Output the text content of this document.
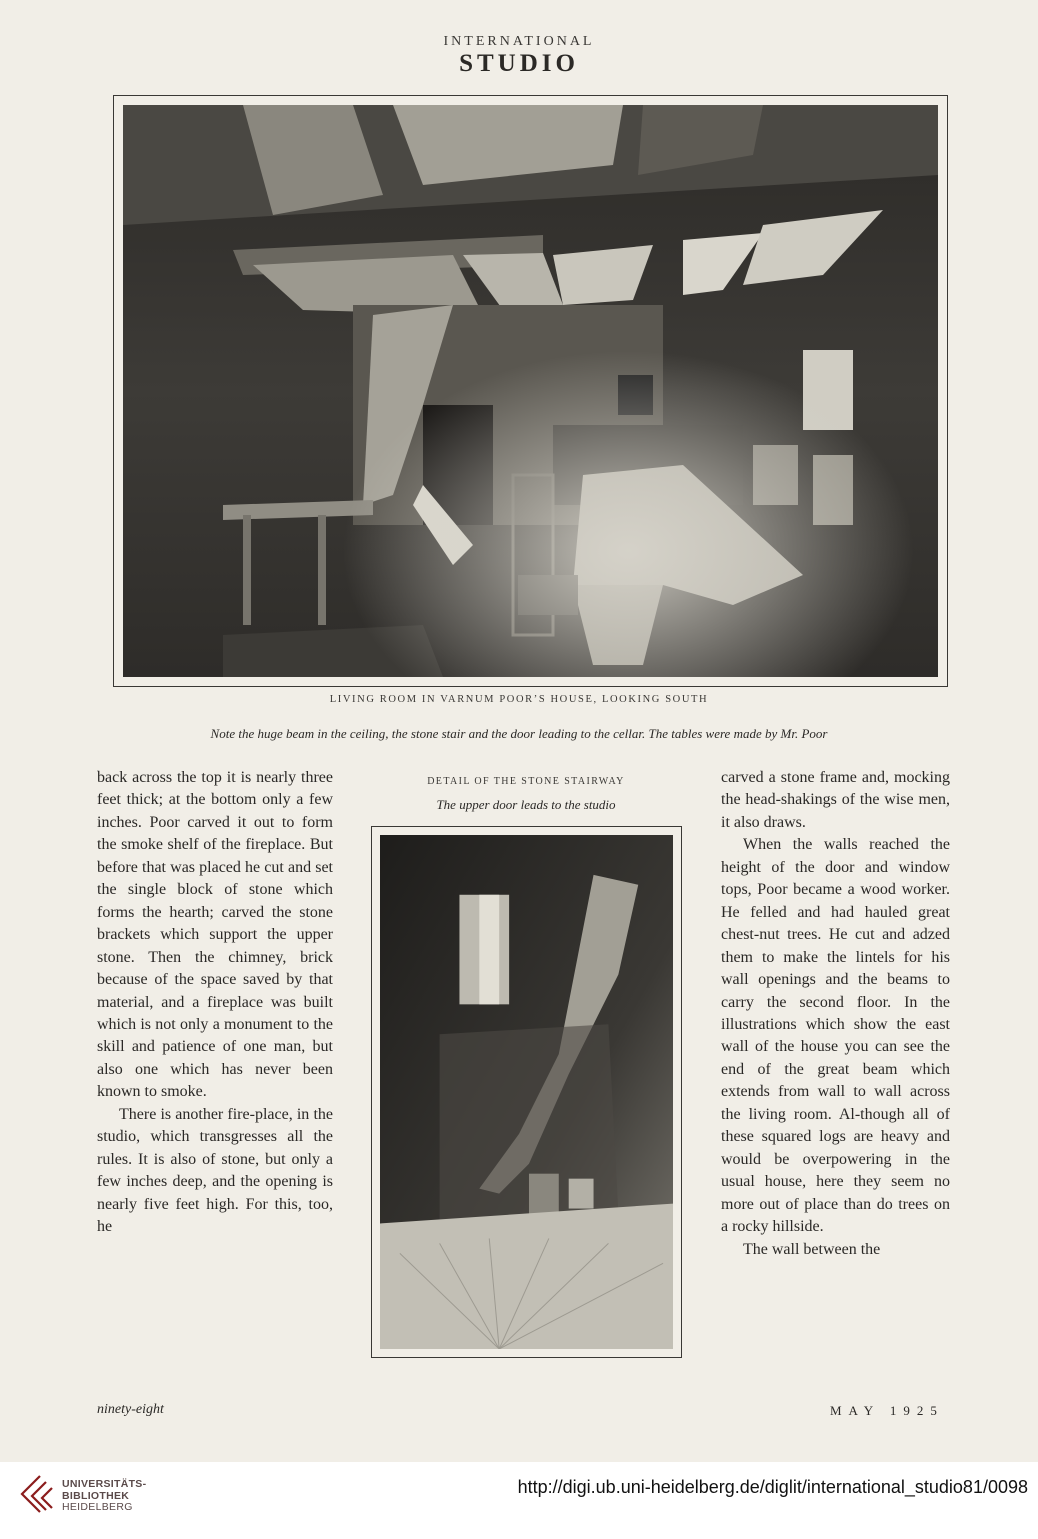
INTERNATIONAL
STUDIO
LIVING ROOM IN VARNUM POOR’S HOUSE, LOOKING SOUTH
Note the huge beam in the ceiling, the stone stair and the door leading to the cellar. The tables were made by Mr. Poor

back across the top it is nearly three feet thick; at the bottom only a few inches. Poor carved it out to form the smoke shelf of the fireplace. But before that was placed he cut and set the single block of stone which forms the hearth; carved the stone brackets which support the upper stone. Then the chimney, brick because of the space saved by that material, and a fireplace was built which is not only a monument to the skill and patience of one man, but also one which has never been known to smoke.

There is another fire-place, in the studio, which transgresses all the rules. It is also of stone, but only a few inches deep, and the opening is nearly five feet high. For this, too, he

DETAIL OF THE STONE STAIRWAY
The upper door leads to the studio

carved a stone frame and, mocking the head-shakings of the wise men, it also draws.

When the walls reached the height of the door and window tops, Poor became a wood worker. He felled and had hauled great chest-nut trees. He cut and adzed them to make the lintels for his wall openings and the beams to carry the second floor. In the illustrations which show the east wall of the house you can see the end of the great beam which extends from wall to wall across the living room. Al-though all of these squared logs are heavy and would be overpowering in the usual house, here they seem no more out of place than do trees on a rocky hillside.

The wall between the

ninety-eight	MAY 1925
UNIVERSITÄTS-
BIBLIOTHEK
HEIDELBERG
http://digi.ub.uni-heidelberg.de/diglit/international_studio81/0098
